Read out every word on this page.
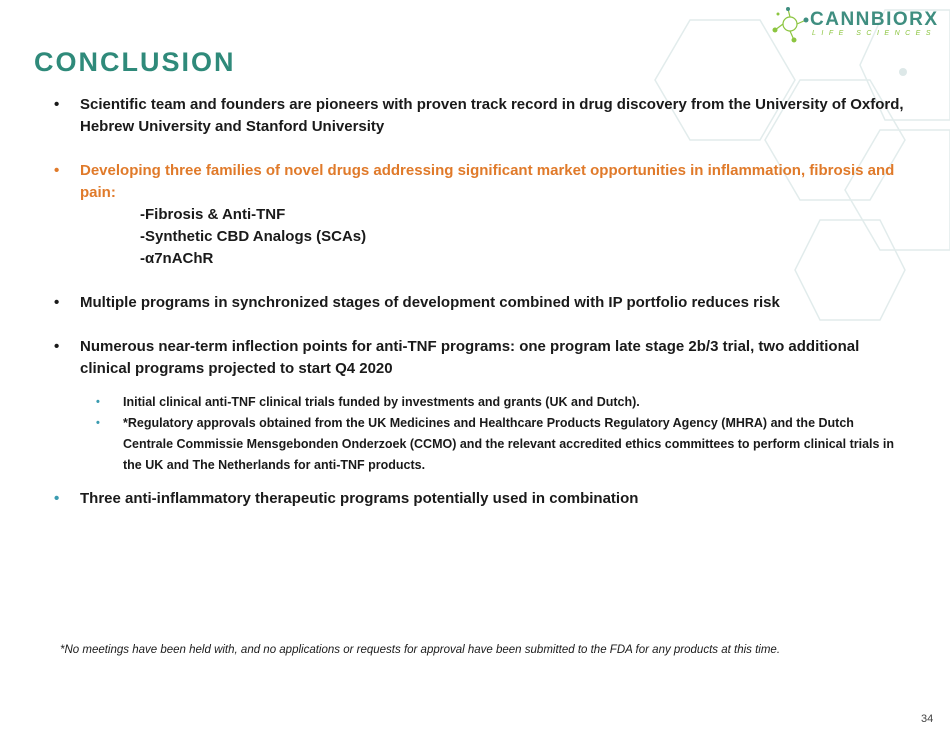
CANNBIORX
LIFE SCIENCES
CONCLUSION
• Scientific team and founders are pioneers with proven track record in drug discovery from the University of Oxford, Hebrew University and Stanford University
• Developing three families of novel drugs addressing significant market opportunities in inflammation, fibrosis and pain:
-Fibrosis & Anti-TNF
-Synthetic CBD Analogs (SCAs)
-α7nAChR
• Multiple programs in synchronized stages of development combined with IP portfolio reduces risk
• Numerous near-term inflection points for anti-TNF programs: one program late stage 2b/3 trial, two additional clinical programs projected to start Q4 2020
• Initial clinical anti-TNF clinical trials funded by investments and grants (UK and Dutch).
• *Regulatory approvals obtained from the UK Medicines and Healthcare Products Regulatory Agency (MHRA) and the Dutch Centrale Commissie Mensgebonden Onderzoek (CCMO) and the relevant accredited ethics committees to perform clinical trials in the UK and The Netherlands for anti-TNF products.
• Three anti-inflammatory therapeutic programs potentially used in combination
*No meetings have been held with, and no applications or requests for approval have been submitted to the FDA for any products at this time.
34
